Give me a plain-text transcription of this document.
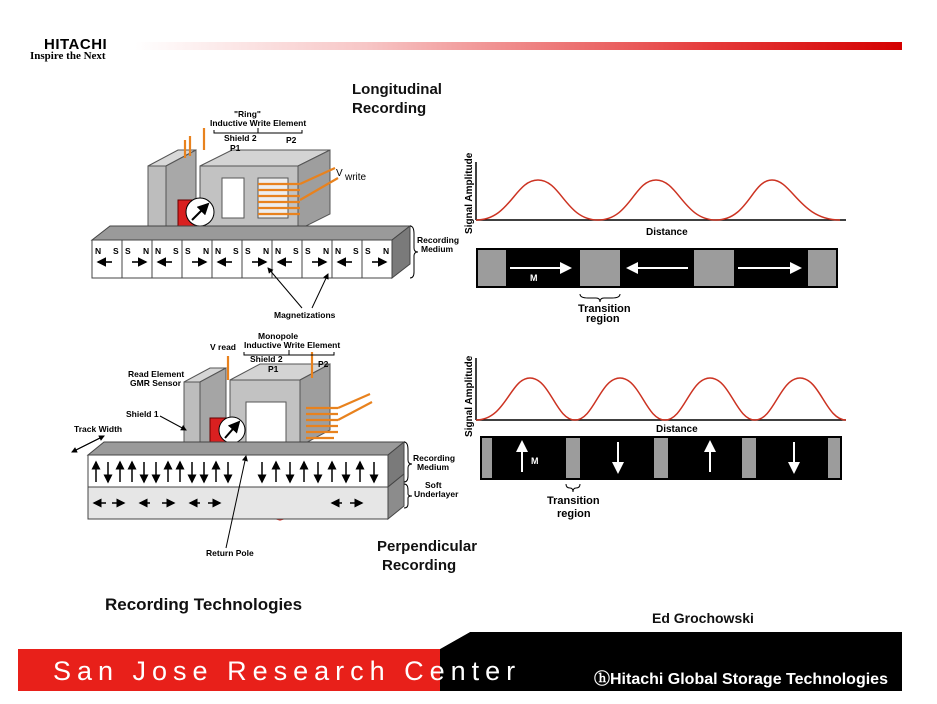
HITACHI
Inspire the Next
Longitudinal
Recording
Perpendicular
Recording
Recording Technologies
Ed Grochowski
N S S N N S S N N S S N N S S N N S S N
"Ring"
Inductive Write Element
Shield 2
P1
P2
Recording
Medium
Magnetizations
V write
V read
Monopole
Inductive Write Element
Shield 2
P1	P2
Read Element
GMR Sensor
Shield 1
Track Width
Recording
Medium
Soft
Underlayer
Return Pole
Signal Amplitude	Distance
M
Transition
region
Signal Amplitude	Distance
M
Transition
region
San Jose Research Center	ⓗHitachi Global Storage Technologies
